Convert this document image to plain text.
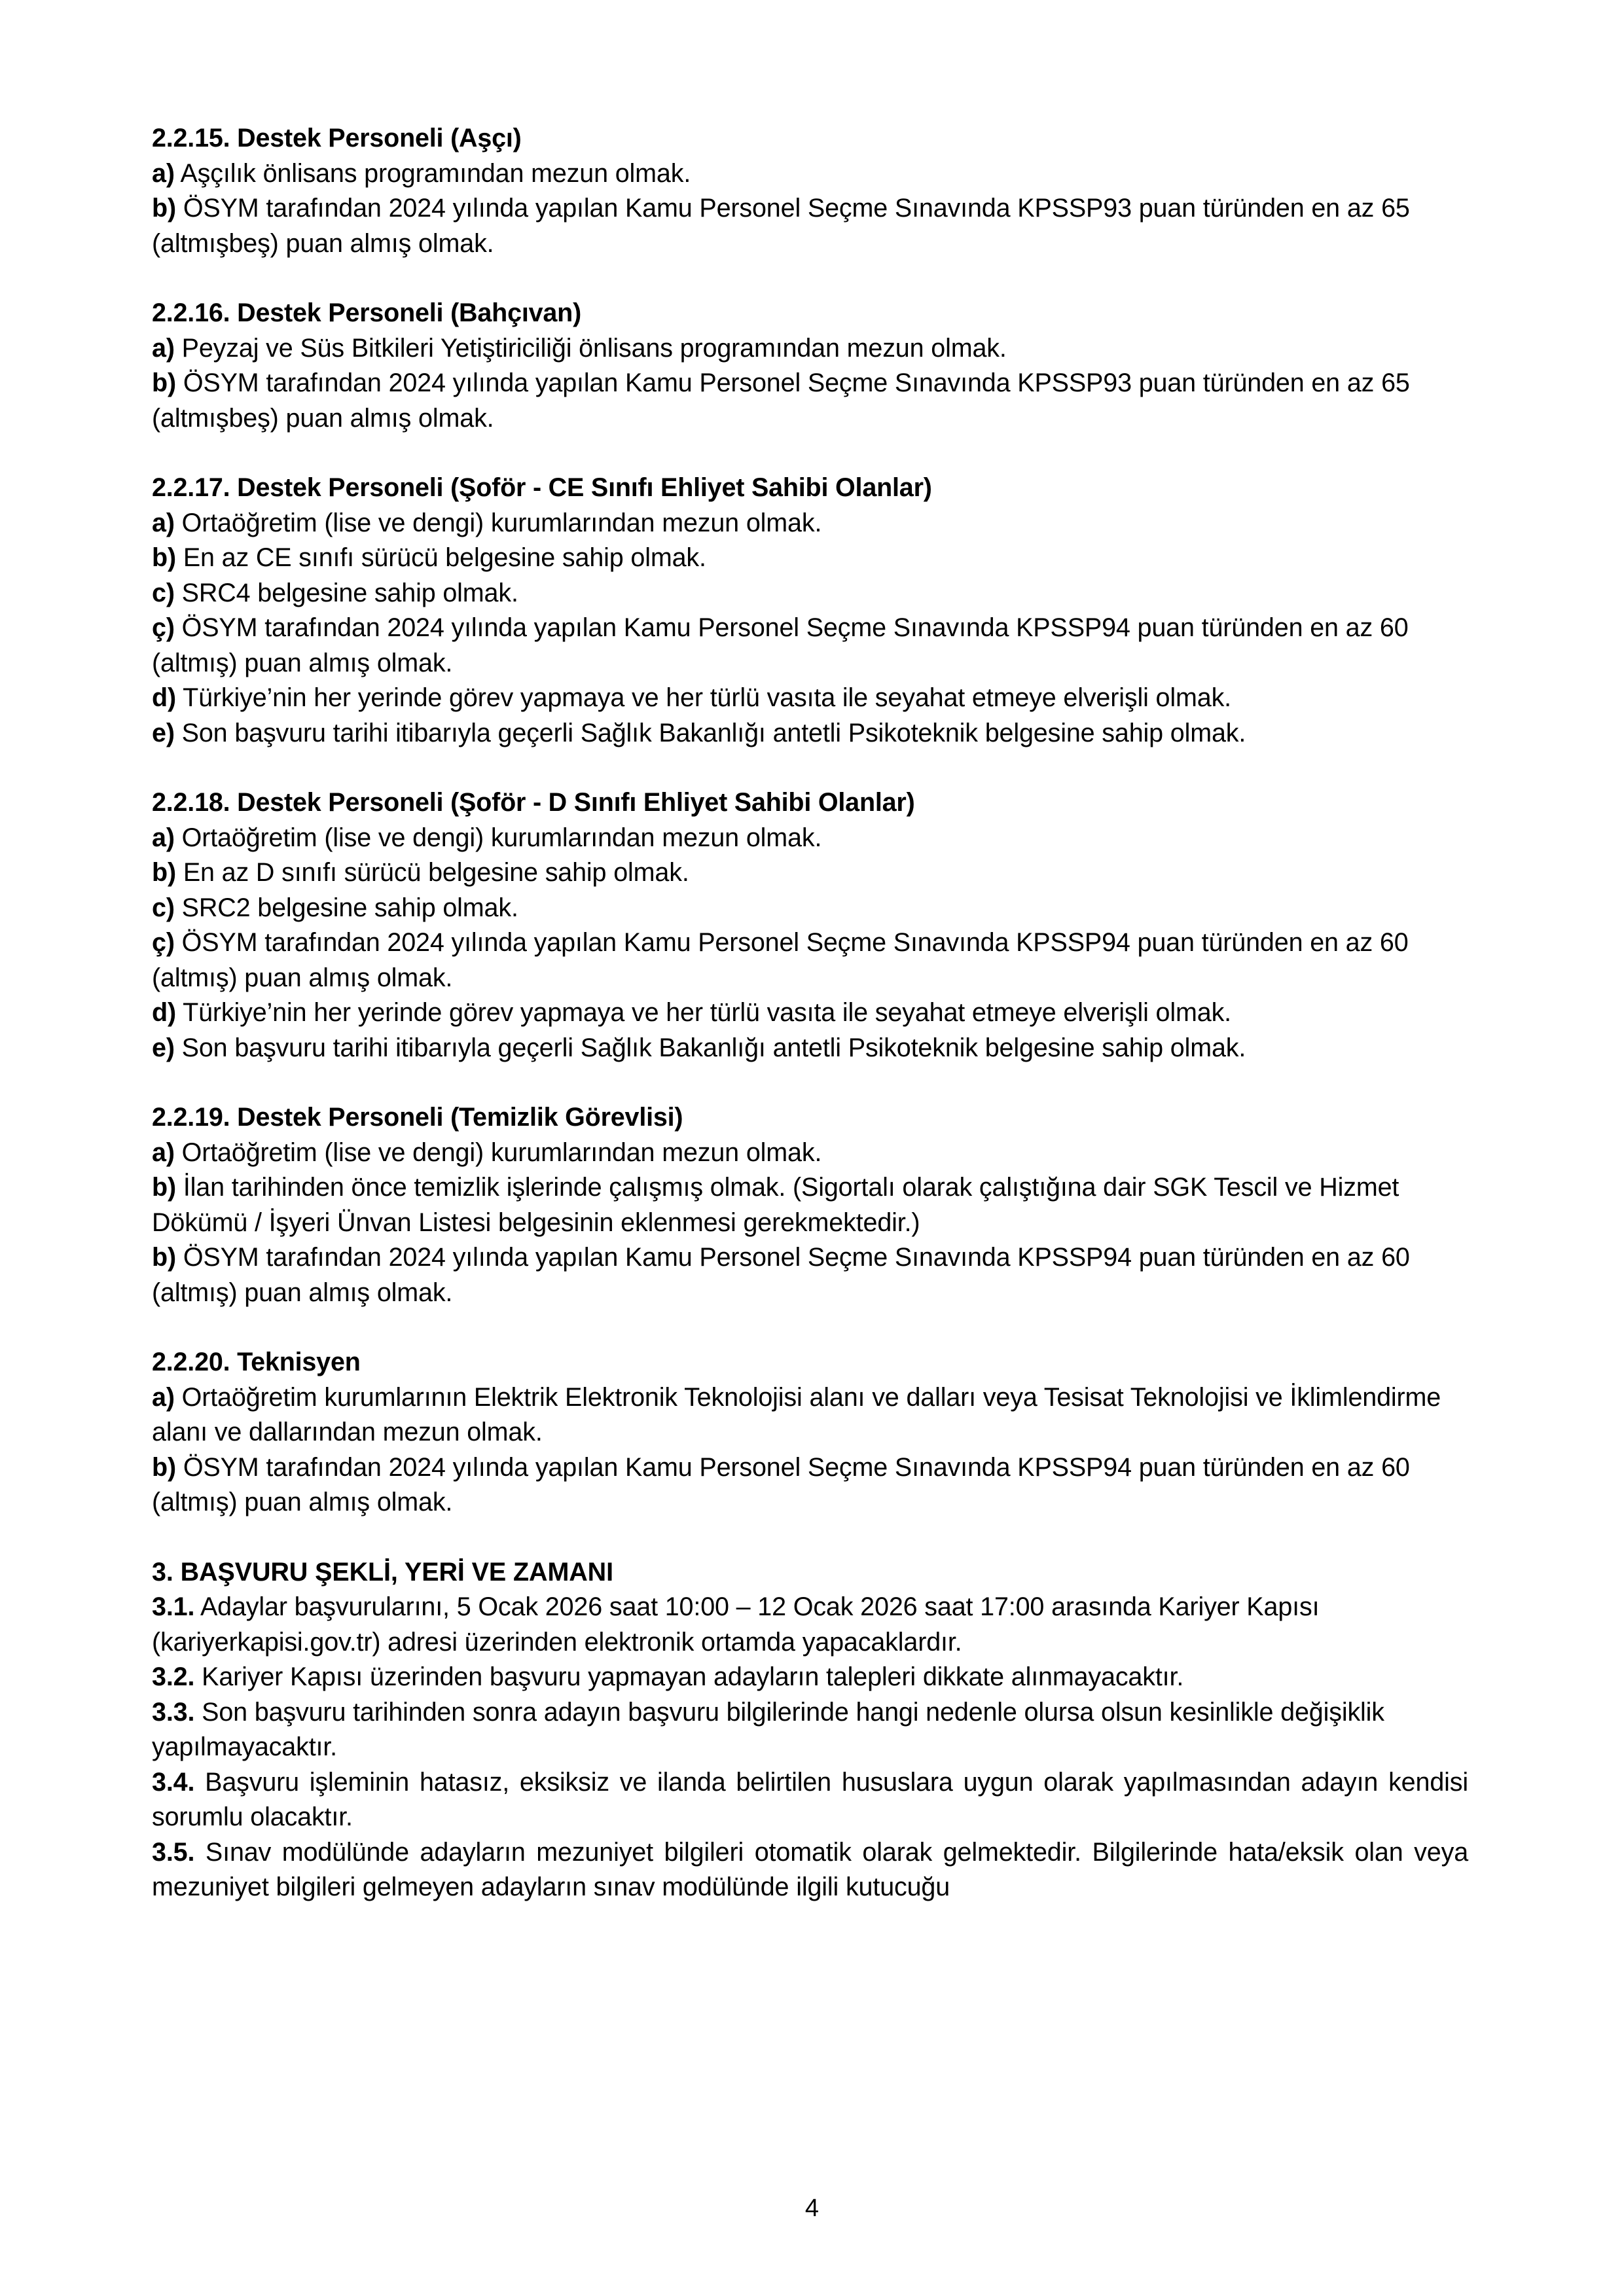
2.2.15. Destek Personeli (Aşçı)

a) Aşçılık önlisans programından mezun olmak.

b) ÖSYM tarafından 2024 yılında yapılan Kamu Personel Seçme Sınavında KPSSP93 puan türünden en az 65 (altmışbeş) puan almış olmak.

2.2.16. Destek Personeli (Bahçıvan)

a) Peyzaj ve Süs Bitkileri Yetiştiriciliği önlisans programından mezun olmak.

b) ÖSYM tarafından 2024 yılında yapılan Kamu Personel Seçme Sınavında KPSSP93 puan türünden en az 65 (altmışbeş) puan almış olmak.

2.2.17. Destek Personeli (Şoför - CE Sınıfı Ehliyet Sahibi Olanlar)

a) Ortaöğretim (lise ve dengi) kurumlarından mezun olmak.

b) En az CE sınıfı sürücü belgesine sahip olmak.

c) SRC4 belgesine sahip olmak.

ç) ÖSYM tarafından 2024 yılında yapılan Kamu Personel Seçme Sınavında KPSSP94 puan türünden en az 60 (altmış) puan almış olmak.

d) Türkiye’nin her yerinde görev yapmaya ve her türlü vasıta ile seyahat etmeye elverişli olmak.

e) Son başvuru tarihi itibarıyla geçerli Sağlık Bakanlığı antetli Psikoteknik belgesine sahip olmak.

2.2.18. Destek Personeli (Şoför - D Sınıfı Ehliyet Sahibi Olanlar)

a) Ortaöğretim (lise ve dengi) kurumlarından mezun olmak.

b) En az D sınıfı sürücü belgesine sahip olmak.

c) SRC2 belgesine sahip olmak.

ç) ÖSYM tarafından 2024 yılında yapılan Kamu Personel Seçme Sınavında KPSSP94 puan türünden en az 60 (altmış) puan almış olmak.

d) Türkiye’nin her yerinde görev yapmaya ve her türlü vasıta ile seyahat etmeye elverişli olmak.

e) Son başvuru tarihi itibarıyla geçerli Sağlık Bakanlığı antetli Psikoteknik belgesine sahip olmak.

2.2.19. Destek Personeli (Temizlik Görevlisi)

a) Ortaöğretim (lise ve dengi) kurumlarından mezun olmak.

b) İlan tarihinden önce temizlik işlerinde çalışmış olmak. (Sigortalı olarak çalıştığına dair SGK Tescil ve Hizmet Dökümü / İşyeri Ünvan Listesi belgesinin eklenmesi gerekmektedir.)

b) ÖSYM tarafından 2024 yılında yapılan Kamu Personel Seçme Sınavında KPSSP94 puan türünden en az 60 (altmış) puan almış olmak.

2.2.20. Teknisyen

a) Ortaöğretim kurumlarının Elektrik Elektronik Teknolojisi alanı ve dalları veya Tesisat Teknolojisi ve İklimlendirme alanı ve dallarından mezun olmak.

b) ÖSYM tarafından 2024 yılında yapılan Kamu Personel Seçme Sınavında KPSSP94 puan türünden en az 60 (altmış) puan almış olmak.

3. BAŞVURU ŞEKLİ, YERİ VE ZAMANI

3.1. Adaylar başvurularını, 5 Ocak 2026 saat 10:00 – 12 Ocak 2026 saat 17:00 arasında Kariyer Kapısı (kariyerkapisi.gov.tr) adresi üzerinden elektronik ortamda yapacaklardır.

3.2. Kariyer Kapısı üzerinden başvuru yapmayan adayların talepleri dikkate alınmayacaktır.

3.3. Son başvuru tarihinden sonra adayın başvuru bilgilerinde hangi nedenle olursa olsun kesinlikle değişiklik yapılmayacaktır.

3.4. Başvuru işleminin hatasız, eksiksiz ve ilanda belirtilen hususlara uygun olarak yapılmasından adayın kendisi sorumlu olacaktır.

3.5. Sınav modülünde adayların mezuniyet bilgileri otomatik olarak gelmektedir. Bilgilerinde hata/eksik olan veya mezuniyet bilgileri gelmeyen adayların sınav modülünde ilgili kutucuğu

4
